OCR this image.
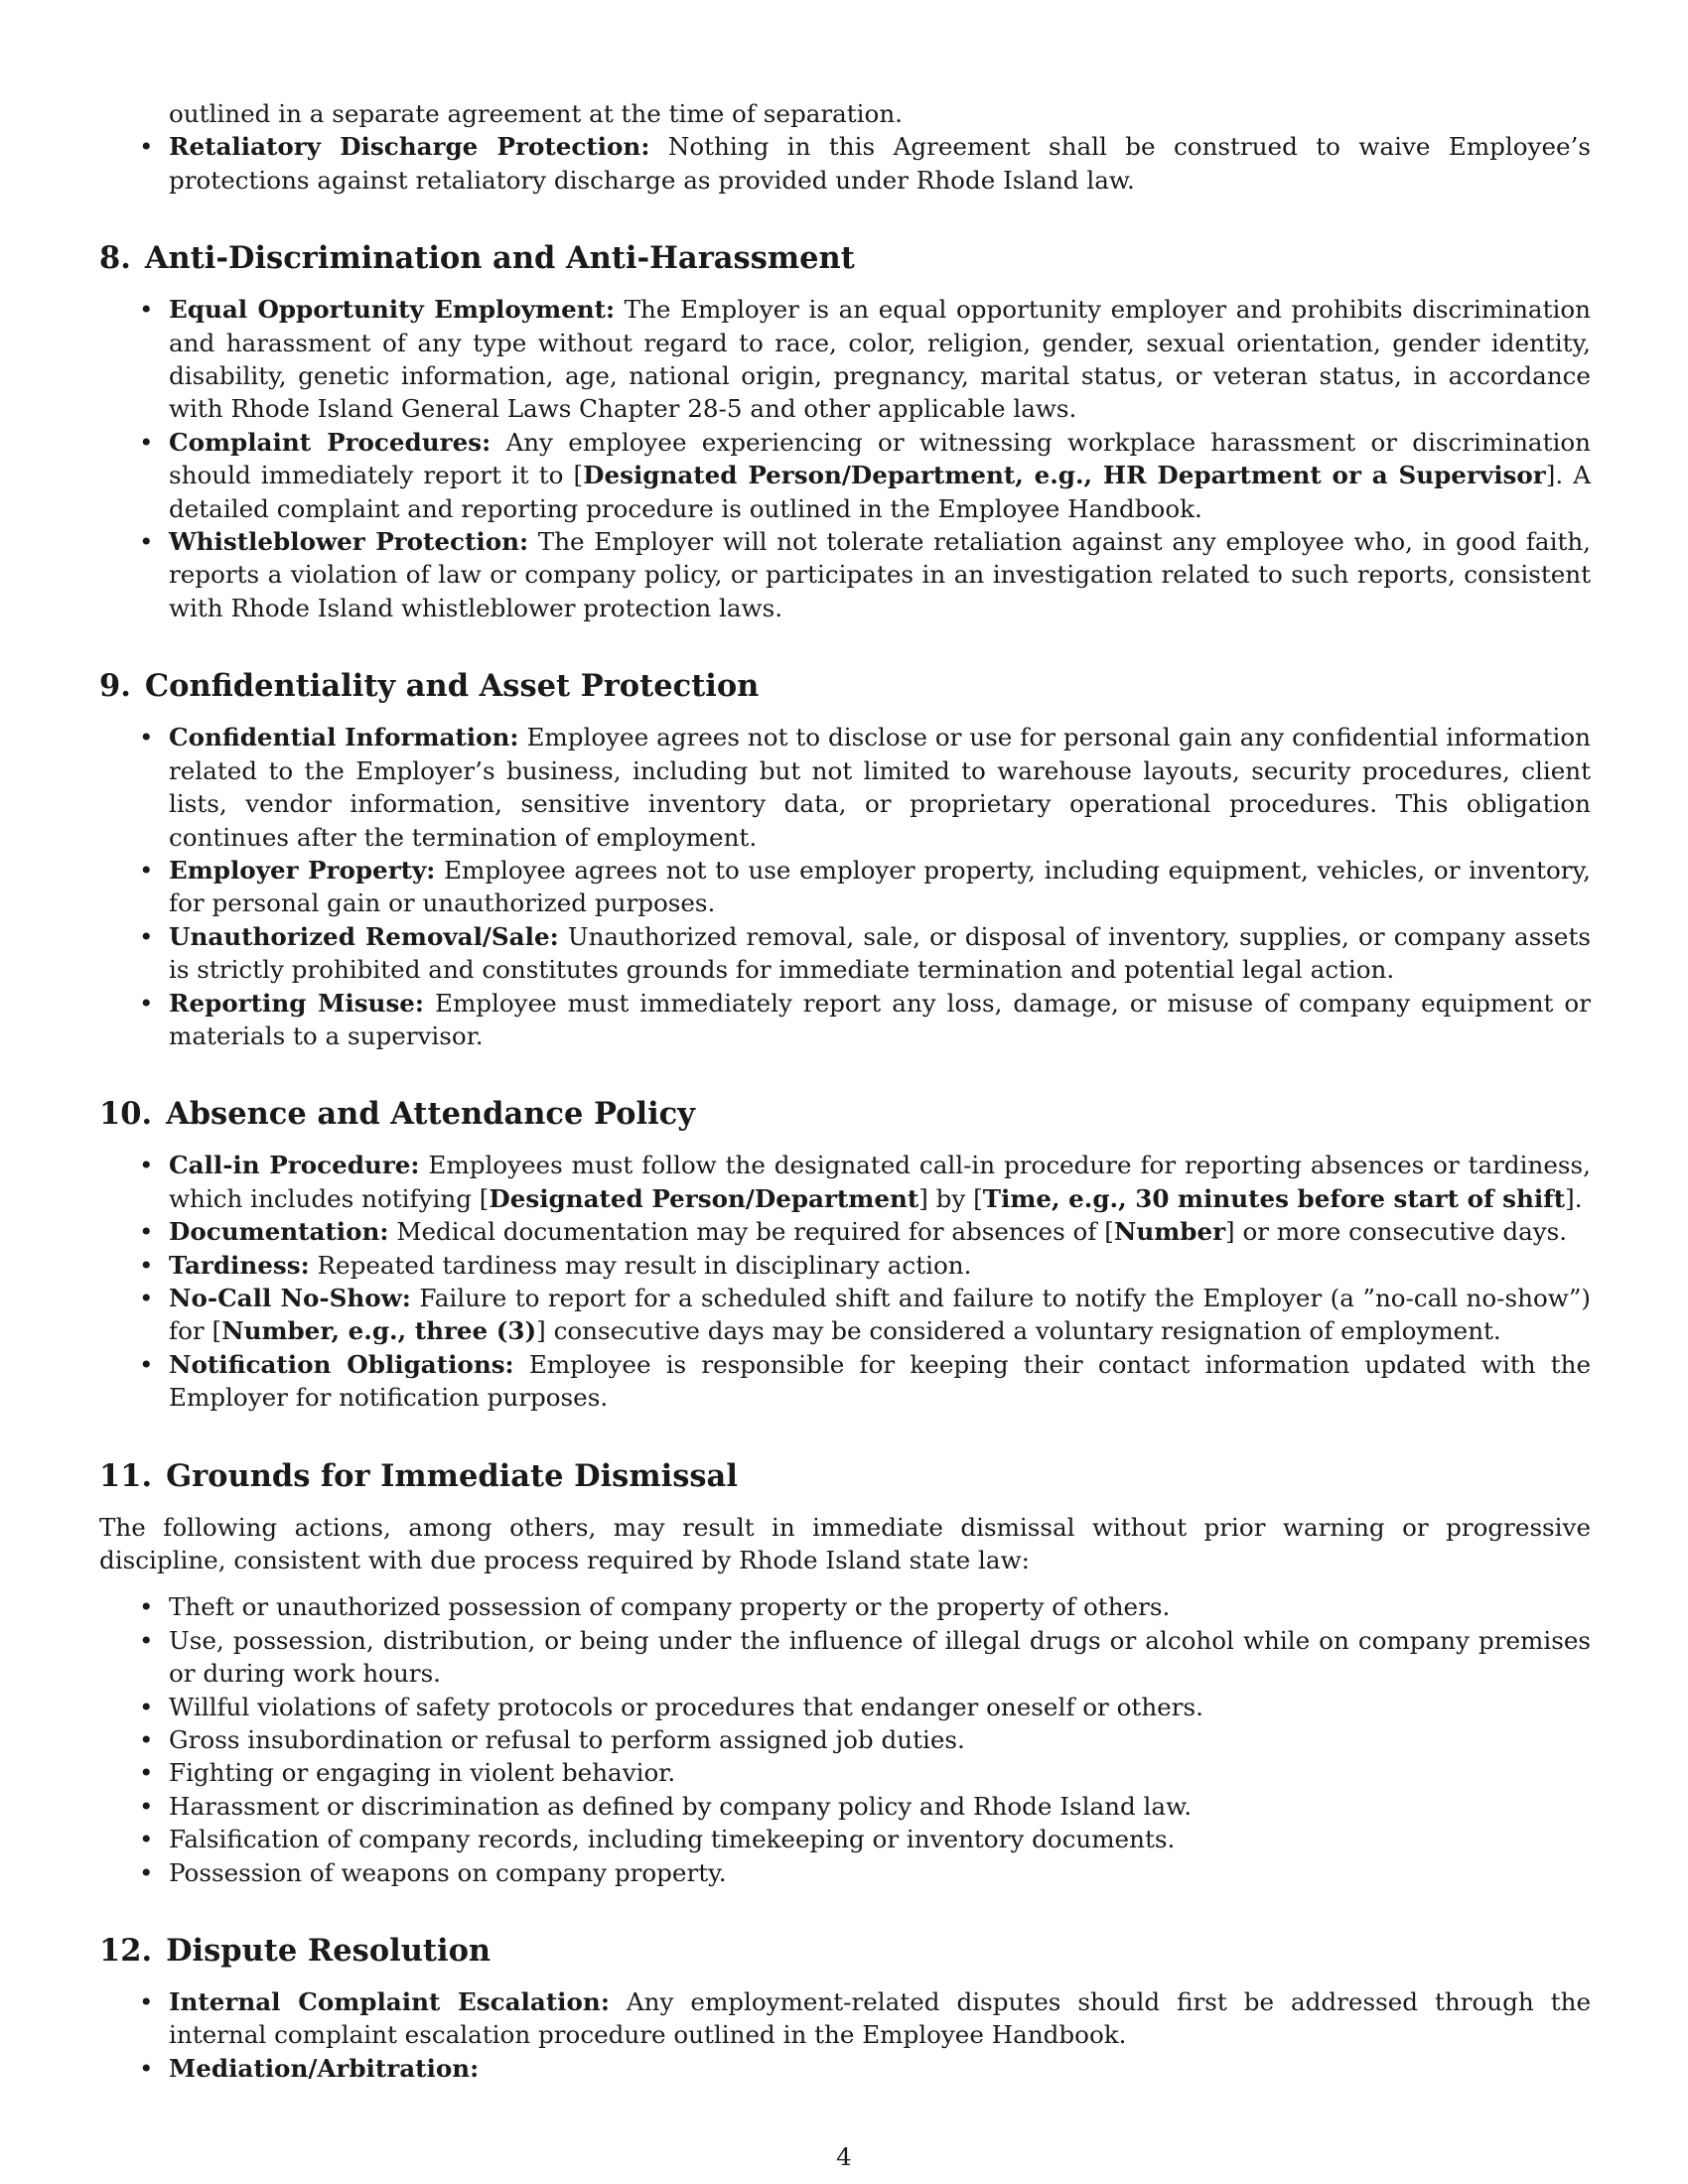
outlined in a separate agreement at the time of separation.

• Retaliatory Discharge Protection: Nothing in this Agreement shall be construed to waive Employee’s protections against retaliatory discharge as provided under Rhode Island law.
8. Anti-Discrimination and Anti-Harassment
• Equal Opportunity Employment: The Employer is an equal opportunity employer and prohibits discrimination and harassment of any type without regard to race, color, religion, gender, sexual orientation, gender identity, disability, genetic information, age, national origin, pregnancy, marital status, or veteran status, in accordance with Rhode Island General Laws Chapter 28-5 and other applicable laws.
• Complaint Procedures: Any employee experiencing or witnessing workplace harassment or discrimination should immediately report it to [Designated Person/Department, e.g., HR Department or a Supervisor]. A detailed complaint and reporting procedure is outlined in the Employee Handbook.
• Whistleblower Protection: The Employer will not tolerate retaliation against any employee who, in good faith, reports a violation of law or company policy, or participates in an investigation related to such reports, consistent with Rhode Island whistleblower protection laws.
9. Confidentiality and Asset Protection
• Confidential Information: Employee agrees not to disclose or use for personal gain any confidential information related to the Employer’s business, including but not limited to warehouse layouts, security procedures, client lists, vendor information, sensitive inventory data, or proprietary operational procedures. This obligation continues after the termination of employment.
• Employer Property: Employee agrees not to use employer property, including equipment, vehicles, or inventory, for personal gain or unauthorized purposes.
• Unauthorized Removal/Sale: Unauthorized removal, sale, or disposal of inventory, supplies, or company assets is strictly prohibited and constitutes grounds for immediate termination and potential legal action.
• Reporting Misuse: Employee must immediately report any loss, damage, or misuse of company equipment or materials to a supervisor.
10. Absence and Attendance Policy
• Call-in Procedure: Employees must follow the designated call-in procedure for reporting absences or tardiness, which includes notifying [Designated Person/Department] by [Time, e.g., 30 minutes before start of shift].
• Documentation: Medical documentation may be required for absences of [Number] or more consecutive days.
• Tardiness: Repeated tardiness may result in disciplinary action.
• No-Call No-Show: Failure to report for a scheduled shift and failure to notify the Employer (a ”no-call no-show”) for [Number, e.g., three (3)] consecutive days may be considered a voluntary resignation of employment.
• Notification Obligations: Employee is responsible for keeping their contact information updated with the Employer for notification purposes.
11. Grounds for Immediate Dismissal

The following actions, among others, may result in immediate dismissal without prior warning or progressive discipline, consistent with due process required by Rhode Island state law:

• Theft or unauthorized possession of company property or the property of others.
• Use, possession, distribution, or being under the influence of illegal drugs or alcohol while on company premises or during work hours.
• Willful violations of safety protocols or procedures that endanger oneself or others.
• Gross insubordination or refusal to perform assigned job duties.
• Fighting or engaging in violent behavior.
• Harassment or discrimination as defined by company policy and Rhode Island law.
• Falsification of company records, including timekeeping or inventory documents.
• Possession of weapons on company property.
12. Dispute Resolution
• Internal Complaint Escalation: Any employment-related disputes should first be addressed through the internal complaint escalation procedure outlined in the Employee Handbook.
• Mediation/Arbitration:
4
